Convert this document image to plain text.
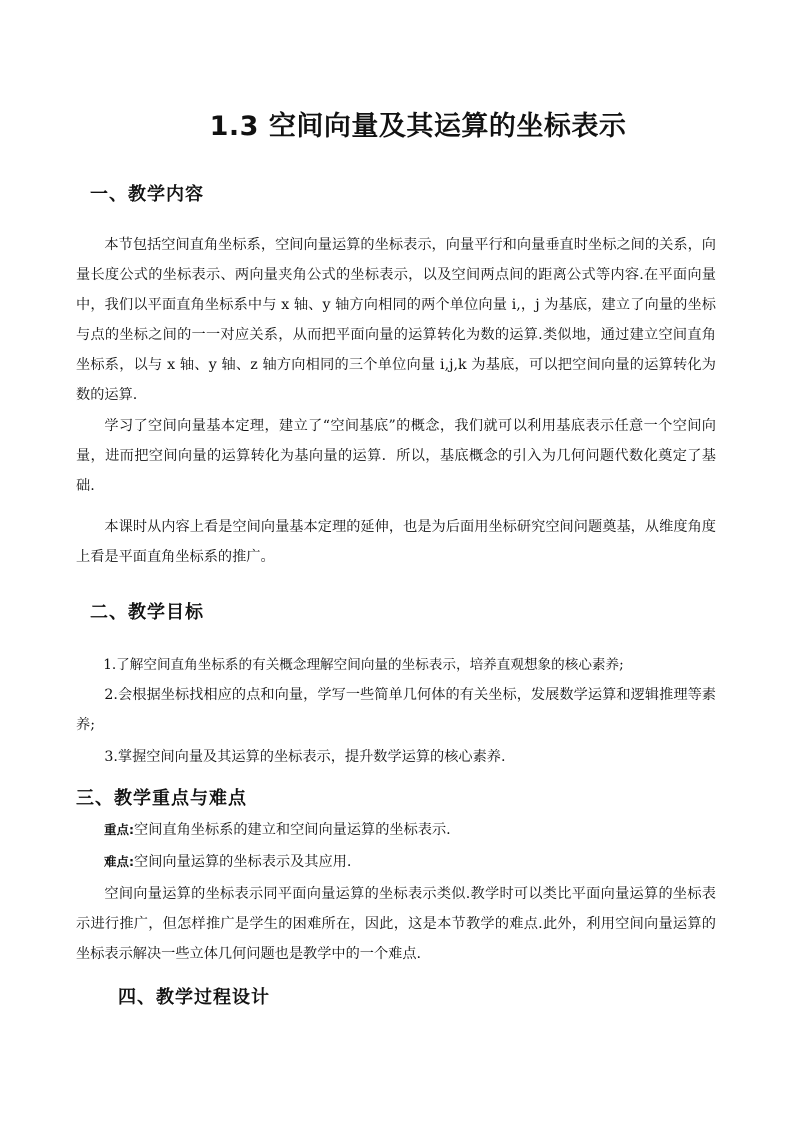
1.3 空间向量及其运算的坐标表示
一、教学内容

本节包括空间直角坐标系，空间向量运算的坐标表示，向量平行和向量垂直时坐标之间的关系，向量长度公式的坐标表示、两向量夹角公式的坐标表示，以及空间两点间的距离公式等内容.在平面向量中，我们以平面直角坐标系中与 x 轴、y 轴方向相同的两个单位向量 i,，j 为基底，建立了向量的坐标与点的坐标之间的一一对应关系，从而把平面向量的运算转化为数的运算.类似地，通过建立空间直角坐标系，以与 x 轴、y 轴、z 轴方向相同的三个单位向量 i,j,k 为基底，可以把空间向量的运算转化为数的运算.

学习了空间向量基本定理，建立了“空间基底”的概念，我们就可以利用基底表示任意一个空间向量，进而把空间向量的运算转化为基向量的运算．所以，基底概念的引入为几何问题代数化奠定了基础.

本课时从内容上看是空间向量基本定理的延伸，也是为后面用坐标研究空间问题奠基，从维度角度上看是平面直角坐标系的推广。

二、教学目标

1.了解空间直角坐标系的有关概念理解空间向量的坐标表示，培养直观想象的核心素养;

2.会根据坐标找相应的点和向量，学写一些简单几何体的有关坐标，发展数学运算和逻辑推理等素养;

3.掌握空间向量及其运算的坐标表示，提升数学运算的核心素养.

三、教学重点与难点

重点:空间直角坐标系的建立和空间向量运算的坐标表示.

难点:空间向量运算的坐标表示及其应用.

空间向量运算的坐标表示同平面向量运算的坐标表示类似.教学时可以类比平面向量运算的坐标表示进行推广，但怎样推广是学生的困难所在，因此，这是本节教学的难点.此外，利用空间向量运算的坐标表示解决一些立体几何问题也是教学中的一个难点.

四、教学过程设计
